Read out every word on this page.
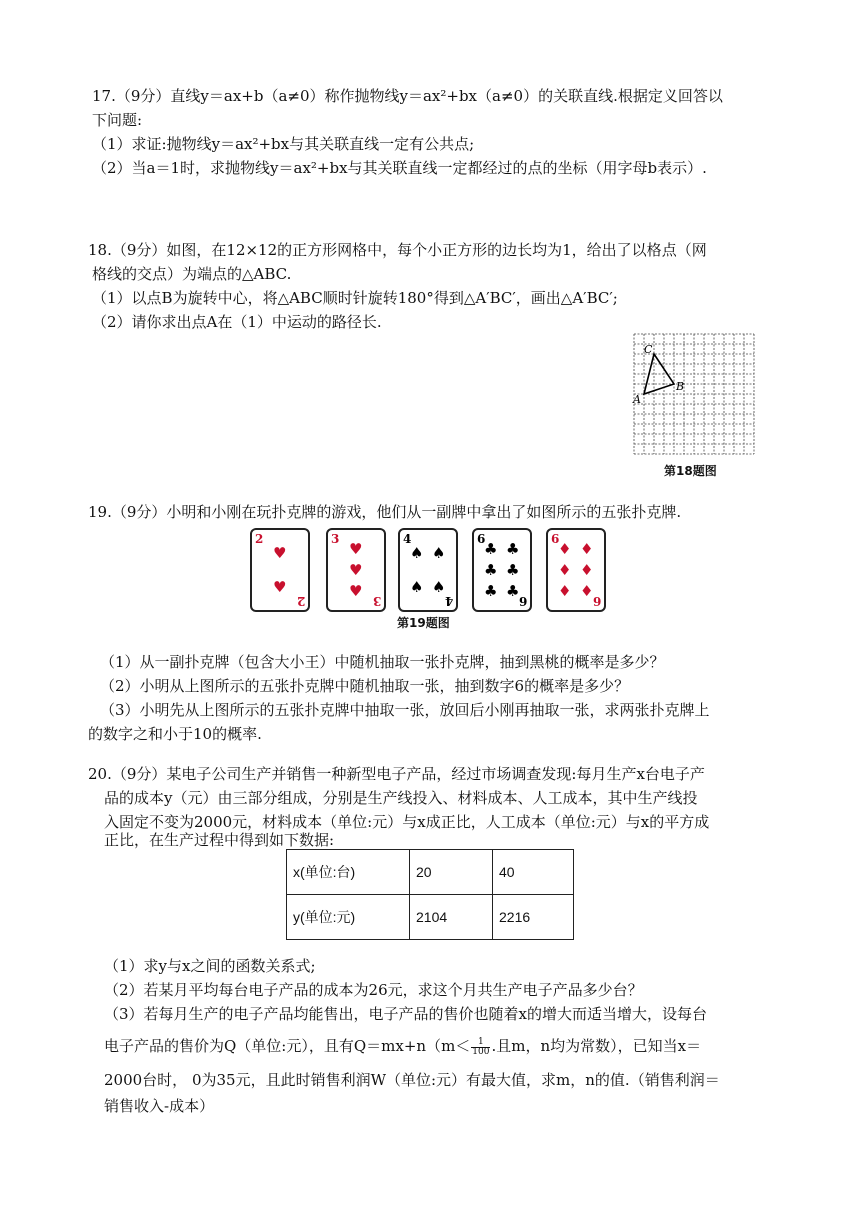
17.（9分）直线y＝ax+b（a≠0）称作抛物线y＝ax²+bx（a≠0）的关联直线.根据定义回答以
下问题:
（1）求证:抛物线y＝ax²+bx与其关联直线一定有公共点;
（2）当a＝1时，求抛物线y＝ax²+bx与其关联直线一定都经过的点的坐标（用字母b表示）.
18.（9分）如图，在12×12的正方形网格中，每个小正方形的边长均为1，给出了以格点（网
格线的交点）为端点的△ABC.
（1）以点B为旋转中心，将△ABC顺时针旋转180°得到△A′BC′，画出△A′BC′;
（2）请你求出点A在（1）中运动的路径长.
A
B
C
第18题图
19.（9分）小明和小刚在玩扑克牌的游戏，他们从一副牌中拿出了如图所示的五张扑克牌.
2
2
♥
♥
3
3
♥
♥
♥
4
4
♠ ♠
♠ ♠
6
6
♣ ♣
♣ ♣
♣ ♣
6
6
♦ ♦
♦ ♦
♦ ♦
第19题图
（1）从一副扑克牌（包含大小王）中随机抽取一张扑克牌，抽到黑桃的概率是多少？
（2）小明从上图所示的五张扑克牌中随机抽取一张，抽到数字6的概率是多少？
（3）小明先从上图所示的五张扑克牌中抽取一张，放回后小刚再抽取一张，求两张扑克牌上
的数字之和小于10的概率.
20.（9分）某电子公司生产并销售一种新型电子产品，经过市场调查发现:每月生产x台电子产
品的成本y（元）由三部分组成，分别是生产线投入、材料成本、人工成本，其中生产线投
入固定不变为2000元，材料成本（单位:元）与x成正比，人工成本（单位:元）与x的平方成
正比，在生产过程中得到如下数据:
x(单位:台)	20	40
y(单位:元)	2104	2216
（1）求y与x之间的函数关系式;
（2）若某月平均每台电子产品的成本为26元，求这个月共生产电子产品多少台？
（3）若每月生产的电子产品均能售出，电子产品的售价也随着x的增大而适当增大，设每台
电子产品的售价为Q（单位:元），且有$Q=mx+n(m< \frac{1}{100}$ .且m，n均为常数），已知当x＝
2000台时， 0为35元，且此时销售利润W（单位:元）有最大值，求m，n的值.（销售利润＝
销售收入-成本）
